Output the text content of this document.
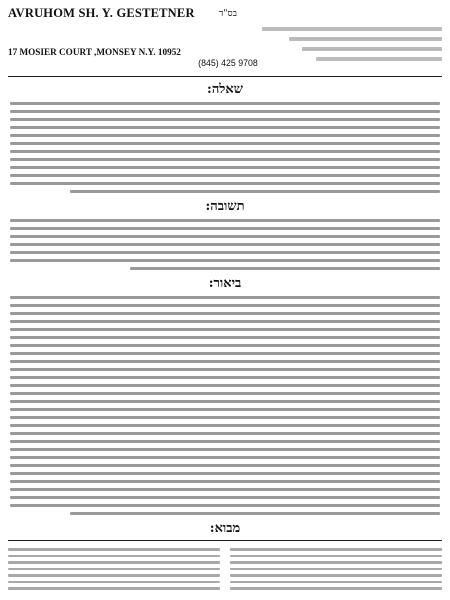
AVRUHOM SH. Y. GESTETNER
17 MOSIER COURT ,MONSEY N.Y. 10952
בס"ד
(845) 425 9708

שאלה:
תשובה:
ביאור:
מבוא:
